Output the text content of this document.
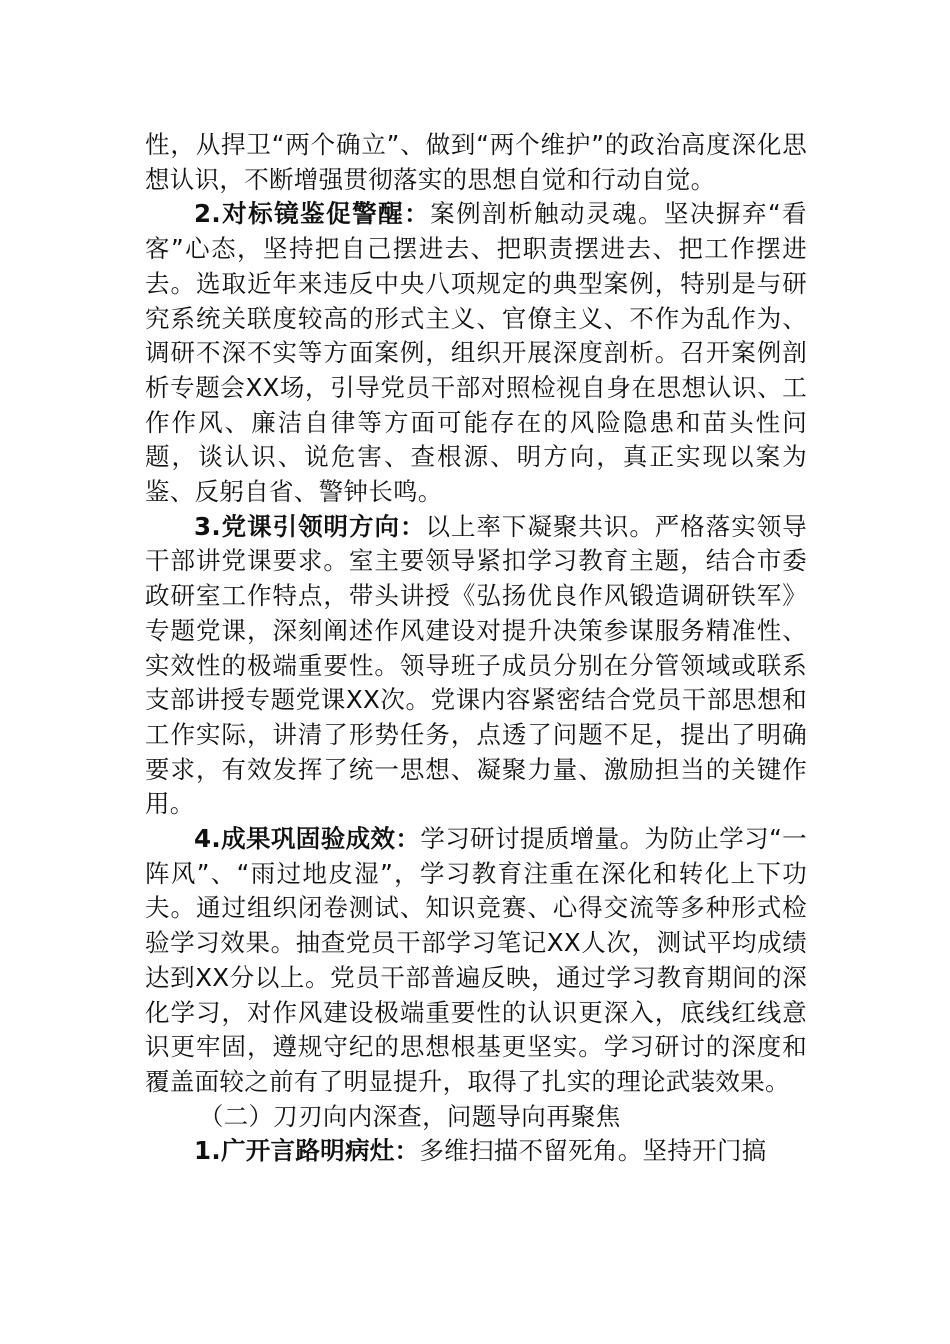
性，从捍卫“两个确立”、做到“两个维护”的政治高度深化思想认识，不断增强贯彻落实的思想自觉和行动自觉。

2.对标镜鉴促警醒：案例剖析触动灵魂。坚决摒弃“看客”心态，坚持把自己摆进去、把职责摆进去、把工作摆进去。选取近年来违反中央八项规定的典型案例，特别是与研究系统关联度较高的形式主义、官僚主义、不作为乱作为、调研不深不实等方面案例，组织开展深度剖析。召开案例剖析专题会XX场，引导党员干部对照检视自身在思想认识、工作作风、廉洁自律等方面可能存在的风险隐患和苗头性问题，谈认识、说危害、查根源、明方向，真正实现以案为鉴、反躬自省、警钟长鸣。

3.党课引领明方向：以上率下凝聚共识。严格落实领导干部讲党课要求。室主要领导紧扣学习教育主题，结合市委政研室工作特点，带头讲授《弘扬优良作风锻造调研铁军》专题党课，深刻阐述作风建设对提升决策参谋服务精准性、实效性的极端重要性。领导班子成员分别在分管领域或联系支部讲授专题党课XX次。党课内容紧密结合党员干部思想和工作实际，讲清了形势任务，点透了问题不足，提出了明确要求，有效发挥了统一思想、凝聚力量、激励担当的关键作用。

4.成果巩固验成效：学习研讨提质增量。为防止学习“一阵风”、“雨过地皮湿”，学习教育注重在深化和转化上下功夫。通过组织闭卷测试、知识竞赛、心得交流等多种形式检验学习效果。抽查党员干部学习笔记XX人次，测试平均成绩达到XX分以上。党员干部普遍反映，通过学习教育期间的深化学习，对作风建设极端重要性的认识更深入，底线红线意识更牢固，遵规守纪的思想根基更坚实。学习研讨的深度和覆盖面较之前有了明显提升，取得了扎实的理论武装效果。

（二）刀刃向内深查，问题导向再聚焦

1.广开言路明病灶：多维扫描不留死角。坚持开门搞
